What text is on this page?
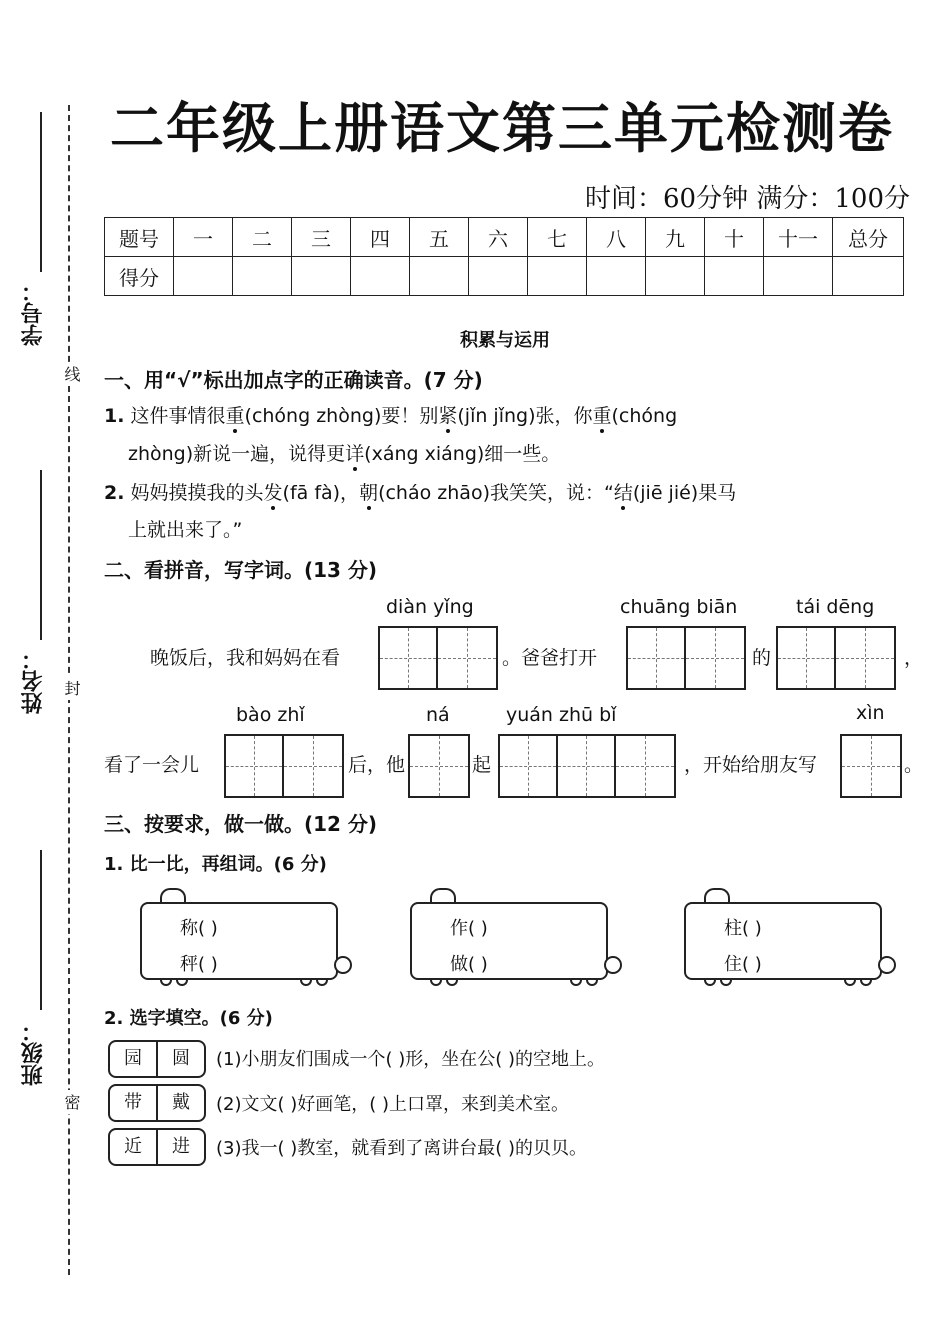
学号：
姓名：
班级：
线
封
密
二年级上册语文第三单元检测卷
时间：60分钟 满分：100分
题号	一	二	三	四	五	六	七	八	九	十	十一	总分
得分												
积累与运用
一、用“√”标出加点字的正确读音。(7 分)
1. 这件事情很重(chóng zhòng)要！别紧(jǐn jǐng)张，你重(chóng
zhòng)新说一遍，说得更详(xáng xiáng)细一些。
2. 妈妈摸摸我的头发(fā fà)，朝(cháo zhāo)我笑笑，说：“结(jiē jié)果马
上就出来了。”
二、看拼音，写字词。(13 分)
diàn yǐng	chuāng biān	tái dēng
晚饭后，我和妈妈在看	。爸爸打开	的	，
bào zhǐ	ná	yuán zhū bǐ	xìn
看了一会儿	后，他	起	，开始给朋友写	。
三、按要求，做一做。(12 分)
1. 比一比，再组词。(6 分)
称( )
秤( )
作( )
做( )
柱( )
住( )
2. 选字填空。(6 分)
园	圆	(1)小朋友们围成一个( )形，坐在公( )的空地上。
带	戴	(2)文文( )好画笔，( )上口罩，来到美术室。
近	进	(3)我一( )教室，就看到了离讲台最( )的贝贝。
